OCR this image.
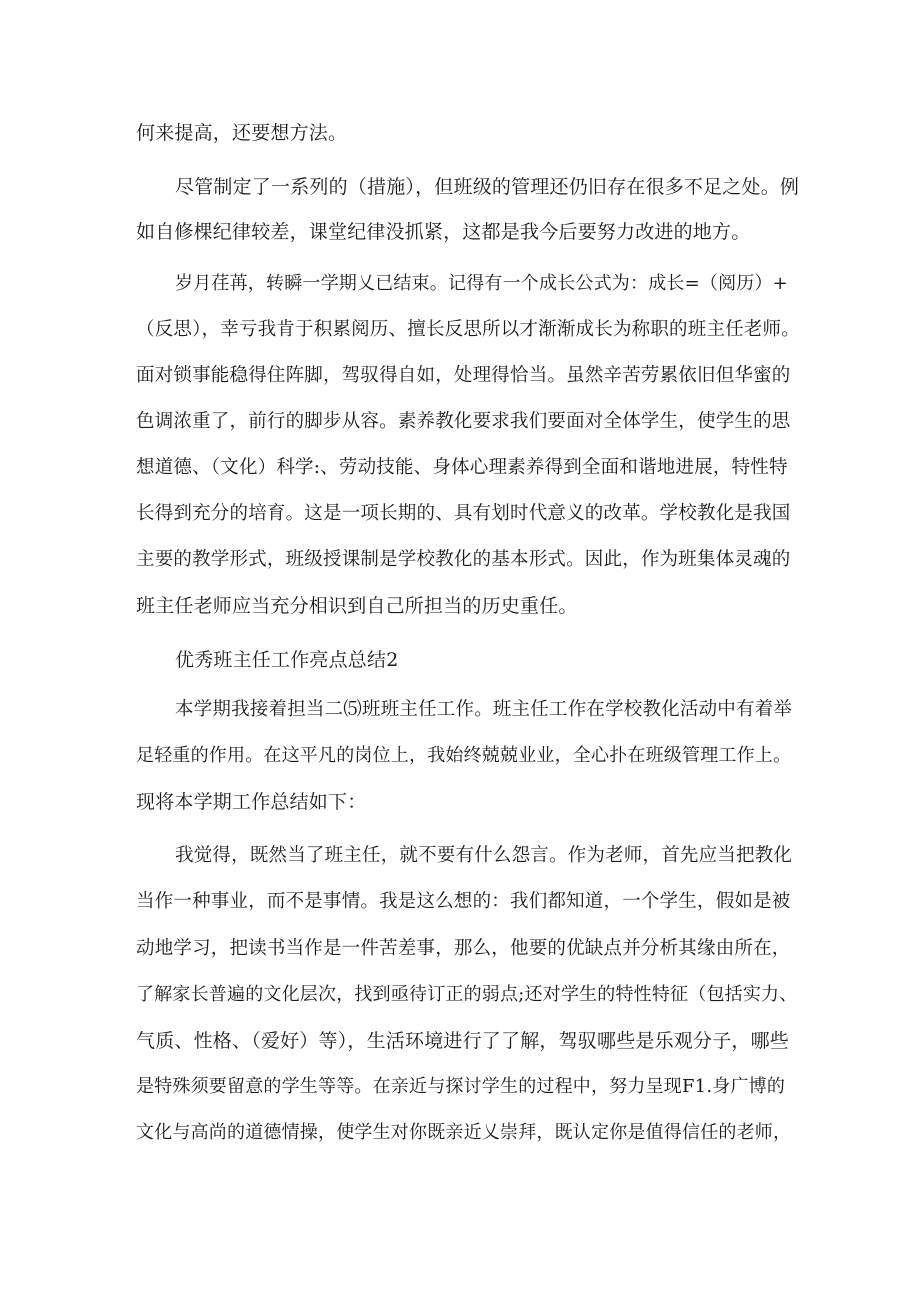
何来提高，还要想方法。
尽管制定了一系列的（措施），但班级的管理还仍旧存在很多不足之处。例
如自修棵纪律较差，课堂纪律没抓紧，这都是我今后要努力改进的地方。
岁月荏苒，转瞬一学期乂已结束。记得有一个成长公式为：成长=（阅历）+
（反思），幸亏我肯于积累阅历、擅长反思所以才渐渐成长为称职的班主任老师。
面对锁事能稳得住阵脚，驾驭得自如，处理得恰当。虽然辛苦劳累依旧但华蜜的
色调浓重了，前行的脚步从容。素养教化要求我们要面对全体学生，使学生的思
想道德、（文化）科学:、劳动技能、身体心理素养得到全面和谐地进展，特性特
长得到充分的培育。这是一项长期的、具有划时代意义的改革。学校教化是我国
主要的教学形式，班级授课制是学校教化的基本形式。因此，作为班集体灵魂的
班主任老师应当充分相识到自己所担当的历史重任。
优秀班主任工作亮点总结2
本学期我接着担当二⑸班班主任工作。班主任工作在学校教化活动中有着举
足轻重的作用。在这平凡的岗位上，我始终兢兢业业，全心扑在班级管理工作上。
现将本学期工作总结如下：
我觉得，既然当了班主任，就不要有什么怨言。作为老师，首先应当把教化
当作一种事业，而不是事情。我是这么想的：我们都知道，一个学生，假如是被
动地学习，把读书当作是一件苦差事，那么，他要的优缺点并分析其缘由所在，
了解家长普遍的文化层次，找到亟待订正的弱点;还对学生的特性特征（包括实力、
气质、性格、（爱好）等），生活环境进行了了解，驾驭哪些是乐观分子，哪些
是特殊须要留意的学生等等。在亲近与探讨学生的过程中，努力呈现F1.身广博的
文化与高尚的道德情操，使学生对你既亲近乂崇拜，既认定你是值得信任的老师，
